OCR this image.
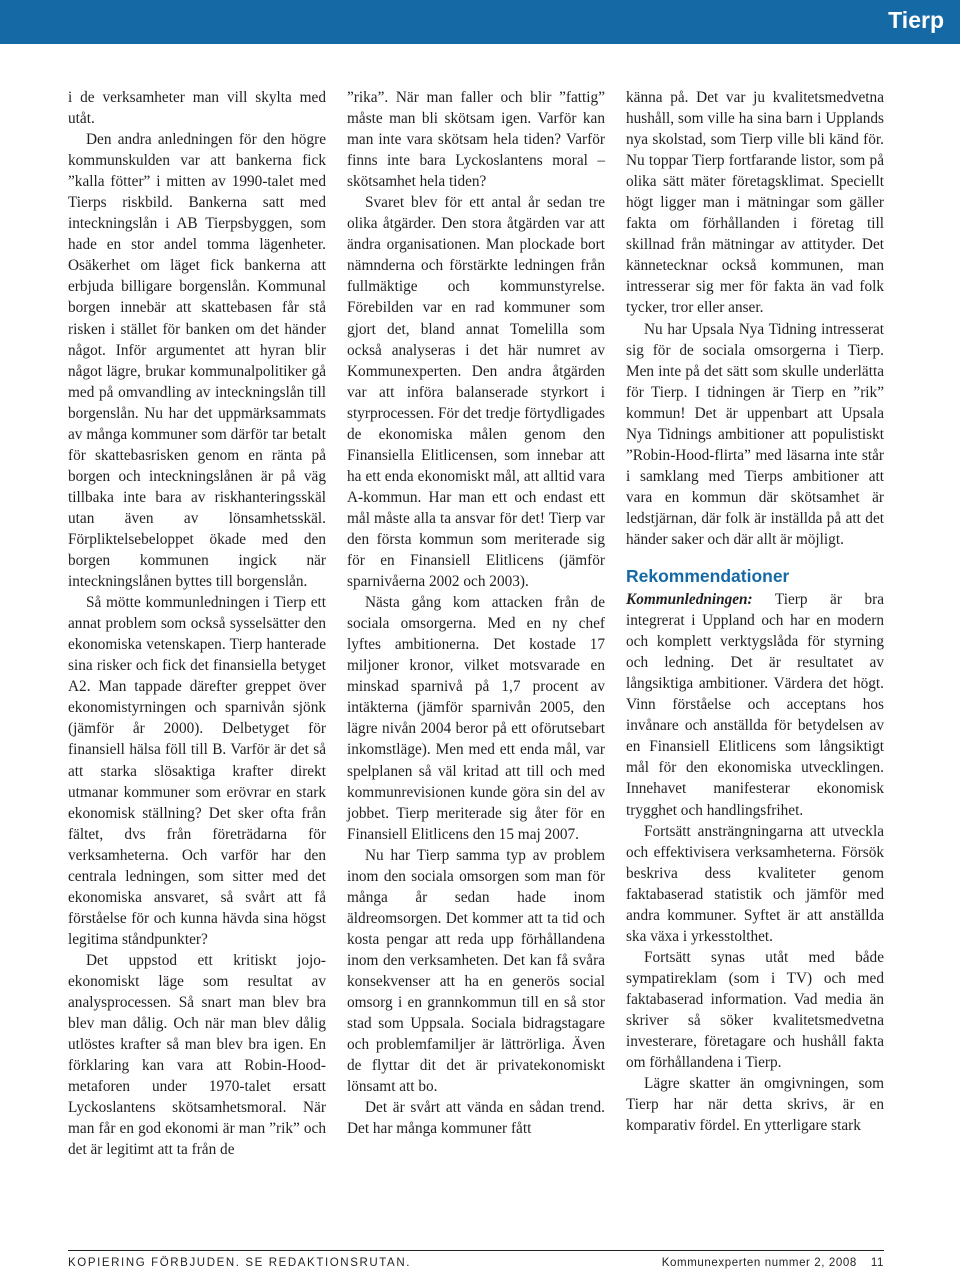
Tierp

i de verksamheter man vill skylta med utåt.

Den andra anledningen för den högre kommunskulden var att bankerna fick ”kalla fötter” i mitten av 1990-talet med Tierps riskbild. Bankerna satt med inteckningslån i AB Tierpsbyggen, som hade en stor andel tomma lägenheter. Osäkerhet om läget fick bankerna att erbjuda billigare borgenslån. Kommunal borgen innebär att skattebasen får stå risken i stället för banken om det händer något. Inför argumentet att hyran blir något lägre, brukar kommunalpolitiker gå med på omvandling av inteckningslån till borgenslån. Nu har det uppmärksammats av många kommuner som därför tar betalt för skattebasrisken genom en ränta på borgen och inteckningslånen är på väg tillbaka inte bara av riskhanteringsskäl utan även av lönsamhetsskäl. Förpliktelsebeloppet ökade med den borgen kommunen ingick när inteckningslånen byttes till borgenslån.

Så mötte kommunledningen i Tierp ett annat problem som också sysselsätter den ekonomiska vetenskapen. Tierp hanterade sina risker och fick det finansiella betyget A2. Man tappade därefter greppet över ekonomistyrningen och sparnivån sjönk (jämför år 2000). Delbetyget för finansiell hälsa föll till B. Varför är det så att starka slösaktiga krafter direkt utmanar kommuner som erövrar en stark ekonomisk ställning? Det sker ofta från fältet, dvs från företrädarna för verksamheterna. Och varför har den centrala ledningen, som sitter med det ekonomiska ansvaret, så svårt att få förståelse för och kunna hävda sina högst legitima ståndpunkter?

Det uppstod ett kritiskt jojo-ekonomiskt läge som resultat av analysprocessen. Så snart man blev bra blev man dålig. Och när man blev dålig utlöstes krafter så man blev bra igen. En förklaring kan vara att Robin-Hood-metaforen under 1970-talet ersatt Lyckoslantens skötsamhetsmoral. När man får en god ekonomi är man ”rik” och det är legitimt att ta från de

”rika”. När man faller och blir ”fattig” måste man bli skötsam igen. Varför kan man inte vara skötsam hela tiden? Varför finns inte bara Lyckoslantens moral – skötsamhet hela tiden?

Svaret blev för ett antal år sedan tre olika åtgärder. Den stora åtgärden var att ändra organisationen. Man plockade bort nämnderna och förstärkte ledningen från fullmäktige och kommunstyrelse. Förebilden var en rad kommuner som gjort det, bland annat Tomelilla som också analyseras i det här numret av Kommunexperten. Den andra åtgärden var att införa balanserade styrkort i styrprocessen. För det tredje förtydligades de ekonomiska målen genom den Finansiella Elitlicensen, som innebar att ha ett enda ekonomiskt mål, att alltid vara A-kommun. Har man ett och endast ett mål måste alla ta ansvar för det! Tierp var den första kommun som meriterade sig för en Finansiell Elitlicens (jämför sparnivåerna 2002 och 2003).

Nästa gång kom attacken från de sociala omsorgerna. Med en ny chef lyftes ambitionerna. Det kostade 17 miljoner kronor, vilket motsvarade en minskad sparnivå på 1,7 procent av intäkterna (jämför sparnivån 2005, den lägre nivån 2004 beror på ett oförutsebart inkomstläge). Men med ett enda mål, var spelplanen så väl kritad att till och med kommunrevisionen kunde göra sin del av jobbet. Tierp meriterade sig åter för en Finansiell Elitlicens den 15 maj 2007.

Nu har Tierp samma typ av problem inom den sociala omsorgen som man för många år sedan hade inom äldreomsorgen. Det kommer att ta tid och kosta pengar att reda upp förhållandena inom den verksamheten. Det kan få svåra konsekvenser att ha en generös social omsorg i en grannkommun till en så stor stad som Uppsala. Sociala bidragstagare och problemfamiljer är lättrörliga. Även de flyttar dit det är privatekonomiskt lönsamt att bo.

Det är svårt att vända en sådan trend. Det har många kommuner fått

känna på. Det var ju kvalitetsmedvetna hushåll, som ville ha sina barn i Upplands nya skolstad, som Tierp ville bli känd för. Nu toppar Tierp fortfarande listor, som på olika sätt mäter företagsklimat. Speciellt högt ligger man i mätningar som gäller fakta om förhållanden i företag till skillnad från mätningar av attityder. Det kännetecknar också kommunen, man intresserar sig mer för fakta än vad folk tycker, tror eller anser.

Nu har Upsala Nya Tidning intresserat sig för de sociala omsorgerna i Tierp. Men inte på det sätt som skulle underlätta för Tierp. I tidningen är Tierp en ”rik” kommun! Det är uppenbart att Upsala Nya Tidnings ambitioner att populistiskt ”Robin-Hood-flirta” med läsarna inte står i samklang med Tierps ambitioner att vara en kommun där skötsamhet är ledstjärnan, där folk är inställda på att det händer saker och där allt är möjligt.

Rekommendationer

Kommunledningen: Tierp är bra integrerat i Uppland och har en modern och komplett verktygslåda för styrning och ledning. Det är resultatet av långsiktiga ambitioner. Värdera det högt. Vinn förståelse och acceptans hos invånare och anställda för betydelsen av en Finansiell Elitlicens som långsiktigt mål för den ekonomiska utvecklingen. Innehavet manifesterar ekonomisk trygghet och handlingsfrihet.

Fortsätt ansträngningarna att utveckla och effektivisera verksamheterna. Försök beskriva dess kvaliteter genom faktabaserad statistik och jämför med andra kommuner. Syftet är att anställda ska växa i yrkesstolthet.

Fortsätt synas utåt med både sympatireklam (som i TV) och med faktabaserad information. Vad media än skriver så söker kvalitetsmedvetna investerare, företagare och hushåll fakta om förhållandena i Tierp.

Lägre skatter än omgivningen, som Tierp har när detta skrivs, är en komparativ fördel. En ytterligare stark

KOPIERING FÖRBJUDEN. SE REDAKTIONSRUTAN.	Kommunexperten nummer 2, 2008 11
